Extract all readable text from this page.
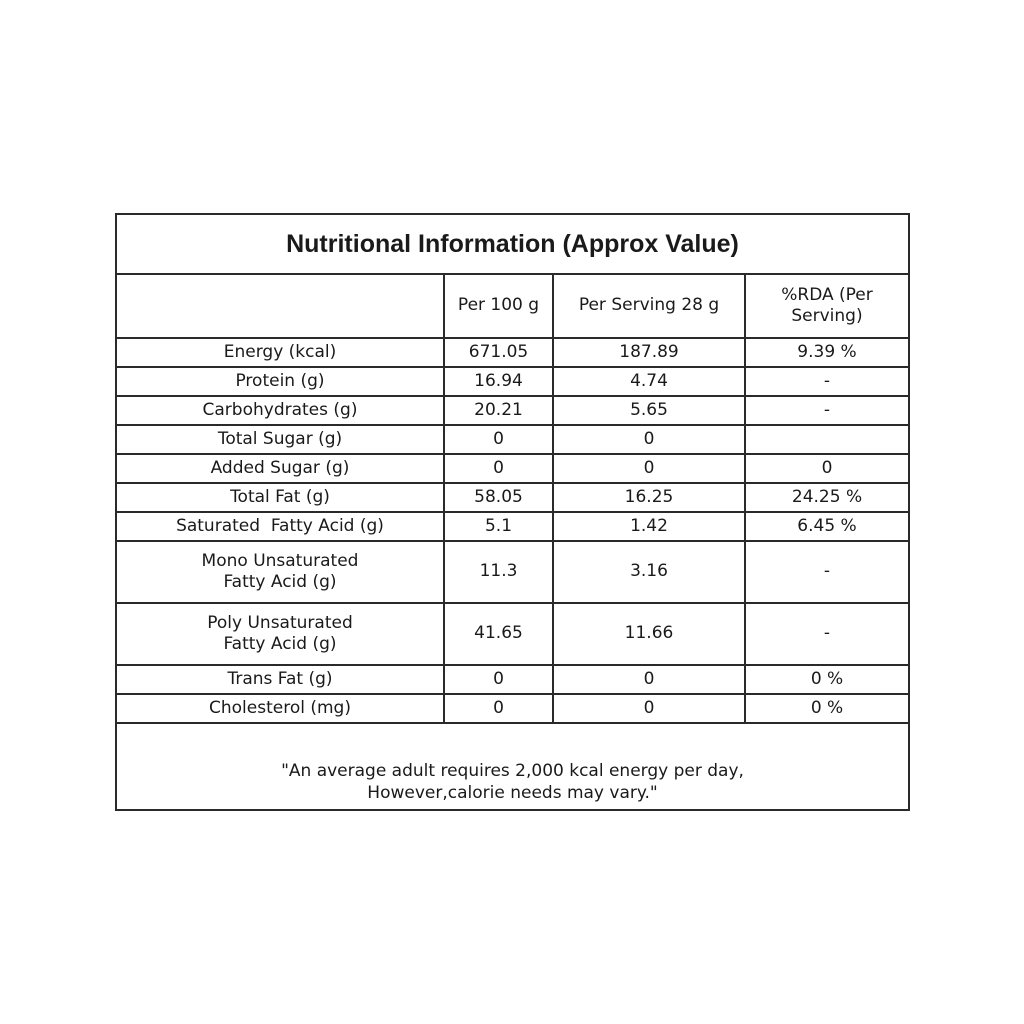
Nutritional Information (Approx Value)
	Per 100 g	Per Serving 28 g	%RDA (Per Serving)
Energy (kcal)	671.05	187.89	9.39 %
Protein (g)	16.94	4.74	-
Carbohydrates (g)	20.21	5.65	-
Total Sugar (g)	0	0	
Added Sugar (g)	0	0	0
Total Fat (g)	58.05	16.25	24.25 %
Saturated  Fatty Acid (g)	5.1	1.42	6.45 %

Mono Unsaturated
Fatty Acid (g)	11.3	3.16	-

Poly Unsaturated
Fatty Acid (g)	41.65	11.66	-
Trans Fat (g)	0	0	0 %
Cholesterol (mg)	0	0	0 %
"An average adult requires 2,000 kcal energy per day,
However,calorie needs may vary."
